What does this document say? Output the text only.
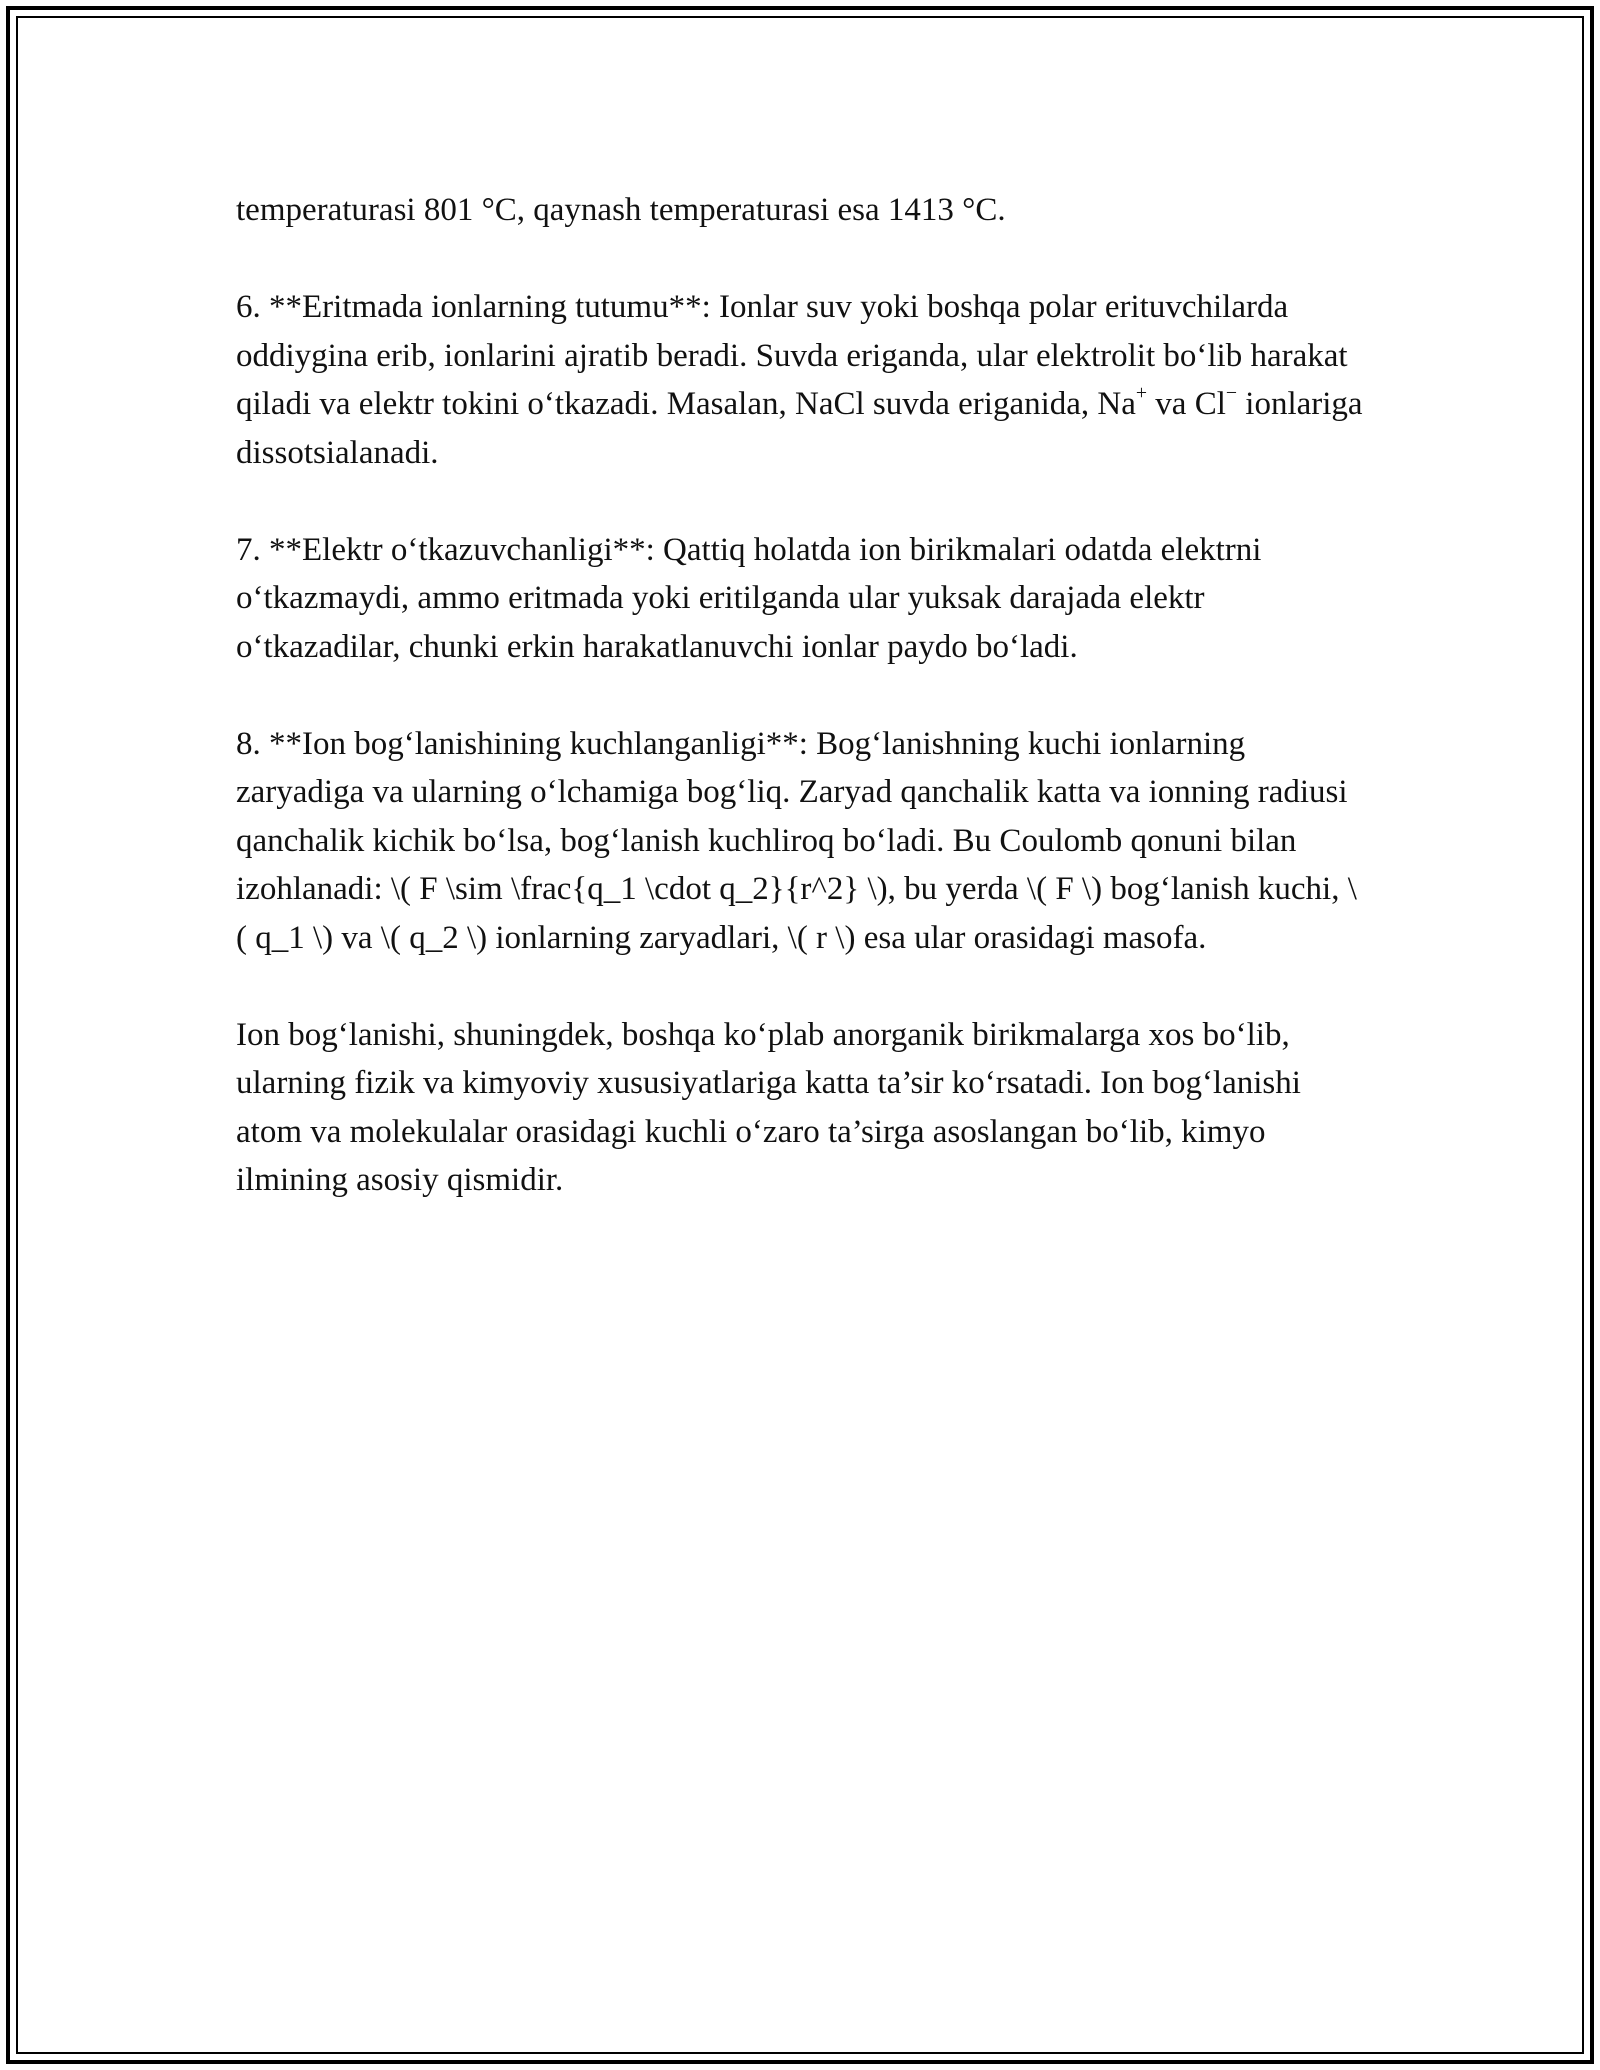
temperaturasi 801 °C, qaynash temperaturasi esa 1413 °C.

6. **Eritmada ionlarning tutumu**: Ionlar suv yoki boshqa polar erituvchilarda oddiygina erib, ionlarini ajratib beradi. Suvda eriganda, ular elektrolit bo‘lib harakat qiladi va elektr tokini o‘tkazadi. Masalan, NaCl suvda eriganida, Na+ va Cl− ionlariga dissotsialanadi.

7. **Elektr o‘tkazuvchanligi**: Qattiq holatda ion birikmalari odatda elektrni o‘tkazmaydi, ammo eritmada yoki eritilganda ular yuksak darajada elektr o‘tkazadilar, chunki erkin harakatlanuvchi ionlar paydo bo‘ladi.

8. **Ion bog‘lanishining kuchlanganligi**: Bog‘lanishning kuchi ionlarning zaryadiga va ularning o‘lchamiga bog‘liq. Zaryad qanchalik katta va ionning radiusi qanchalik kichik bo‘lsa, bog‘lanish kuchliroq bo‘ladi. Bu Coulomb qonuni bilan izohlanadi: \( F \sim \frac{q_1 \cdot q_2}{r^2} \), bu yerda \( F \) bog‘lanish kuchi, \( q_1 \) va \( q_2 \) ionlarning zaryadlari, \( r \) esa ular orasidagi masofa.

Ion bog‘lanishi, shuningdek, boshqa ko‘plab anorganik birikmalarga xos bo‘lib, ularning fizik va kimyoviy xususiyatlariga katta ta’sir ko‘rsatadi. Ion bog‘lanishi atom va molekulalar orasidagi kuchli o‘zaro ta’sirga asoslangan bo‘lib, kimyo ilmining asosiy qismidir.
